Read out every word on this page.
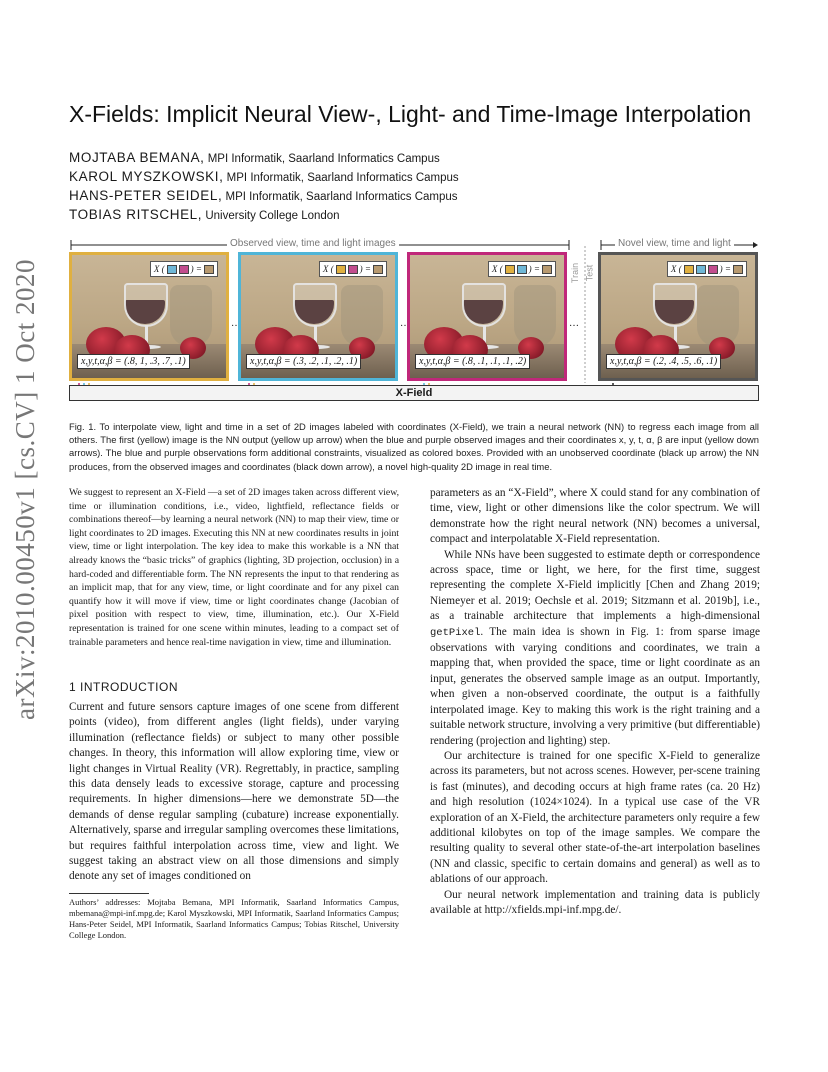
arXiv:2010.00450v1 [cs.CV] 1 Oct 2020
X-Fields: Implicit Neural View-, Light- and Time-Image Interpolation
MOJTABA BEMANA, MPI Informatik, Saarland Informatics Campus
KAROL MYSZKOWSKI, MPI Informatik, Saarland Informatics Campus
HANS-PETER SEIDEL, MPI Informatik, Saarland Informatics Campus
TOBIAS RITSCHEL, University College London
Observed view, time and light images	Novel view, time and light
Train Test
X (	) =
x,y,t,α,β = (.8, 1, .3, .7, .1)
…
X (	) =
x,y,t,α,β = (.3, .2, .1, .2, .1)
…
X (	) =
x,y,t,α,β = (.8, .1, .1, .1, .2)
…
X (	) =
x,y,t,α,β = (.2, .4, .5, .6, .1)
X-Field
Fig. 1. To interpolate view, light and time in a set of 2D images labeled with coordinates (X-Field), we train a neural network (NN) to regress each image from all others. The first (yellow) image is the NN output (yellow up arrow) when the blue and purple observed images and their coordinates x, y, t, α, β are input (yellow down arrows). The blue and purple observations form additional constraints, visualized as colored boxes. Provided with an unobserved coordinate (black up arrow) the NN produces, from the observed images and coordinates (black down arrow), a novel high-quality 2D image in real time.
We suggest to represent an X-Field —a set of 2D images taken across different view, time or illumination conditions, i.e., video, lightfield, reflectance fields or combinations thereof—by learning a neural network (NN) to map their view, time or light coordinates to 2D images. Executing this NN at new coordinates results in joint view, time or light interpolation. The key idea to make this workable is a NN that already knows the “basic tricks” of graphics (lighting, 3D projection, occlusion) in a hard-coded and differentiable form. The NN represents the input to that rendering as an implicit map, that for any view, time, or light coordinate and for any pixel can quantify how it will move if view, time or light coordinates change (Jacobian of pixel position with respect to view, time, illumination, etc.). Our X-Field representation is trained for one scene within minutes, leading to a compact set of trainable parameters and hence real-time navigation in view, time and illumination.
1 INTRODUCTION
Current and future sensors capture images of one scene from different points (video), from different angles (light fields), under varying illumination (reflectance fields) or subject to many other possible changes. In theory, this information will allow exploring time, view or light changes in Virtual Reality (VR). Regrettably, in practice, sampling this data densely leads to excessive storage, capture and processing requirements. In higher dimensions—here we demonstrate 5D—the demands of dense regular sampling (cubature) increase exponentially. Alternatively, sparse and irregular sampling overcomes these limitations, but requires faithful interpolation across time, view and light. We suggest taking an abstract view on all those dimensions and simply denote any set of images conditioned on
Authors’ addresses: Mojtaba Bemana, MPI Informatik, Saarland Informatics Campus, mbemana@mpi-inf.mpg.de; Karol Myszkowski, MPI Informatik, Saarland Informatics Campus; Hans-Peter Seidel, MPI Informatik, Saarland Informatics Campus; Tobias Ritschel, University College London.

parameters as an “X-Field”, where X could stand for any combination of time, view, light or other dimensions like the color spectrum. We will demonstrate how the right neural network (NN) becomes a universal, compact and interpolatable X-Field representation.

While NNs have been suggested to estimate depth or correspondence across space, time or light, we here, for the first time, suggest representing the complete X-Field implicitly [Chen and Zhang 2019; Niemeyer et al. 2019; Oechsle et al. 2019; Sitzmann et al. 2019b], i.e., as a trainable architecture that implements a high-dimensional getPixel. The main idea is shown in Fig. 1: from sparse image observations with varying conditions and coordinates, we train a mapping that, when provided the space, time or light coordinate as an input, generates the observed sample image as an output. Importantly, when given a non-observed coordinate, the output is a faithfully interpolated image. Key to making this work is the right training and a suitable network structure, involving a very primitive (but differentiable) rendering (projection and lighting) step.

Our architecture is trained for one specific X-Field to generalize across its parameters, but not across scenes. However, per-scene training is fast (minutes), and decoding occurs at high frame rates (ca. 20 Hz) and high resolution (1024×1024). In a typical use case of the VR exploration of an X-Field, the architecture parameters only require a few additional kilobytes on top of the image samples. We compare the resulting quality to several other state-of-the-art interpolation baselines (NN and classic, specific to certain domains and general) as well as to ablations of our approach.

Our neural network implementation and training data is publicly available at http://xfields.mpi-inf.mpg.de/.
